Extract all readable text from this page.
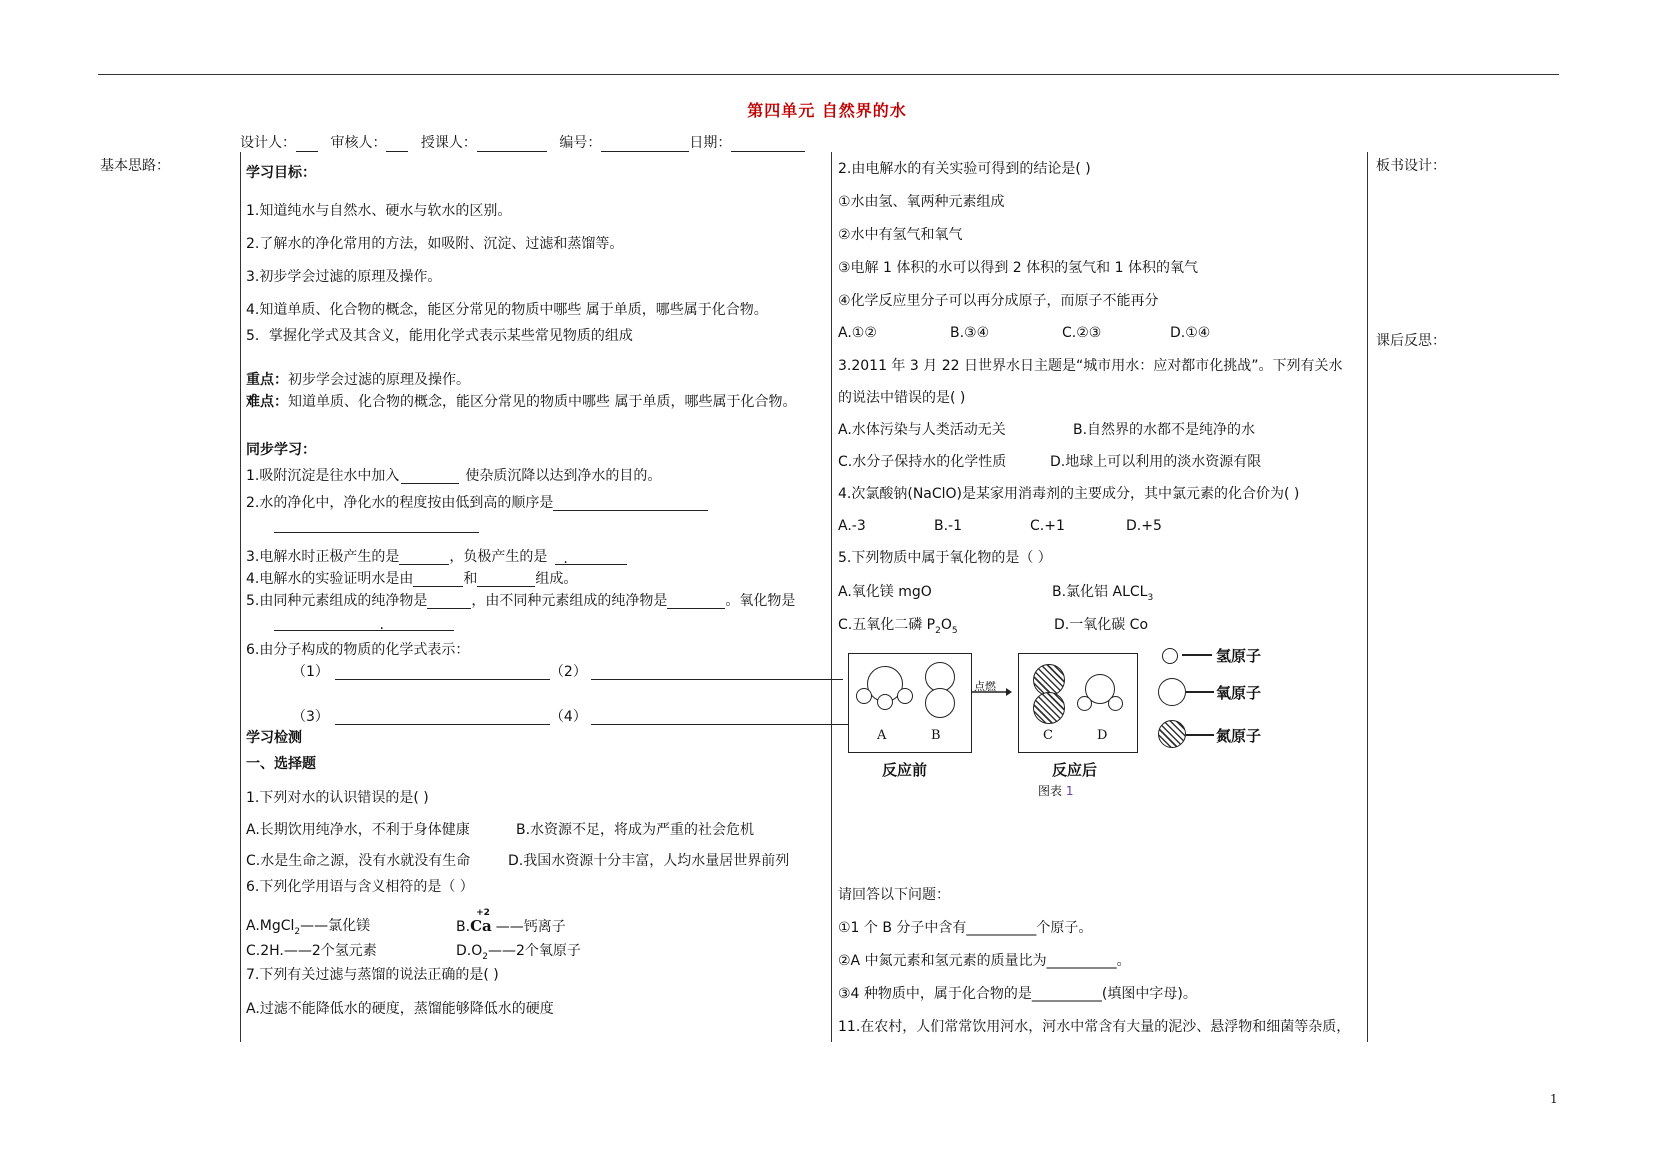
第四单元 自然界的水
设计人： 审核人： 授课人：	编号：	日期：
基本思路：	板书设计：
课后反思：
学习目标：
1.知道纯水与自然水、硬水与软水的区别。
2.了解水的净化常用的方法，如吸附、沉淀、过滤和蒸馏等。
3.初步学会过滤的原理及操作。
4.知道单质、化合物的概念，能区分常见的物质中哪些 属于单质，哪些属于化合物。
5．掌握化学式及其含义，能用化学式表示某些常见物质的组成
重点：初步学会过滤的原理及操作。
难点：知道单质、化合物的概念，能区分常见的物质中哪些 属于单质，哪些属于化合物。
同步学习：
1.吸附沉淀是往水中加入	使杂质沉降以达到净水的目的。
2.水的净化中，净化水的程度按由低到高的顺序是
3.电解水时正极产生的是	，负极产生的是 .
4.电解水的实验证明水是由	和	组成。
5.由同种元素组成的纯净物是	，由不同种元素组成的纯净物是	。氧化物是
.
6.由分子构成的物质的化学式表示：
（1）	（2）
（3）	（4）
学习检测
一、选择题
1.下列对水的认识错误的是( )
A.长期饮用纯净水，不利于身体健康	B.水资源不足，将成为严重的社会危机
C.水是生命之源，没有水就没有生命	D.我国水资源十分丰富，人均水量居世界前列
6.下列化学用语与含义相符的是（ ）
A.MgCl$_2$——氯化镁	B.
+2
Ca ——钙离子
C.2H.——2个氢元素	$D.O_2——2$个氧原子
7.下列有关过滤与蒸馏的说法正确的是( )
A.过滤不能降低水的硬度，蒸馏能够降低水的硬度
2.由电解水的有关实验可得到的结论是( )
①水由氢、氧两种元素组成
②水中有氢气和氧气
③电解 1 体积的水可以得到 2 体积的氢气和 1 体积的氧气
④化学反应里分子可以再分成原子，而原子不能再分
A.①②	B.③④	C.②③	D.①④
3.2011 年 3 月 22 日世界水日主题是“城市用水：应对都市化挑战”。下列有关水
的说法中错误的是( )
A.水体污染与人类活动无关	B.自然界的水都不是纯净的水
C.水分子保持水的化学性质	D.地球上可以利用的淡水资源有限
4.次氯酸钠(NaClO)是某家用消毒剂的主要成分，其中氯元素的化合价为( )
A.-3	B.-1	C.+1	D.+5
5.下列物质中属于氧化物的是（ ）
A.氧化镁 mgO	B.氯化铝 $ALCL_3$
C.五氧化二磷 $P_2O_5$	D.一氧化碳 Co
请回答以下问题：
①1 个 B 分子中含有__________个原子。
②A 中氮元素和氢元素的质量比为__________。
③4 种物质中，属于化合物的是__________(填图中字母)。
11.在农村，人们常常饮用河水，河水中常含有大量的泥沙、悬浮物和细菌等杂质，
A	B
点燃
C	D
反应前	反应后
图表 1
氢原子
氧原子
氮原子
1
